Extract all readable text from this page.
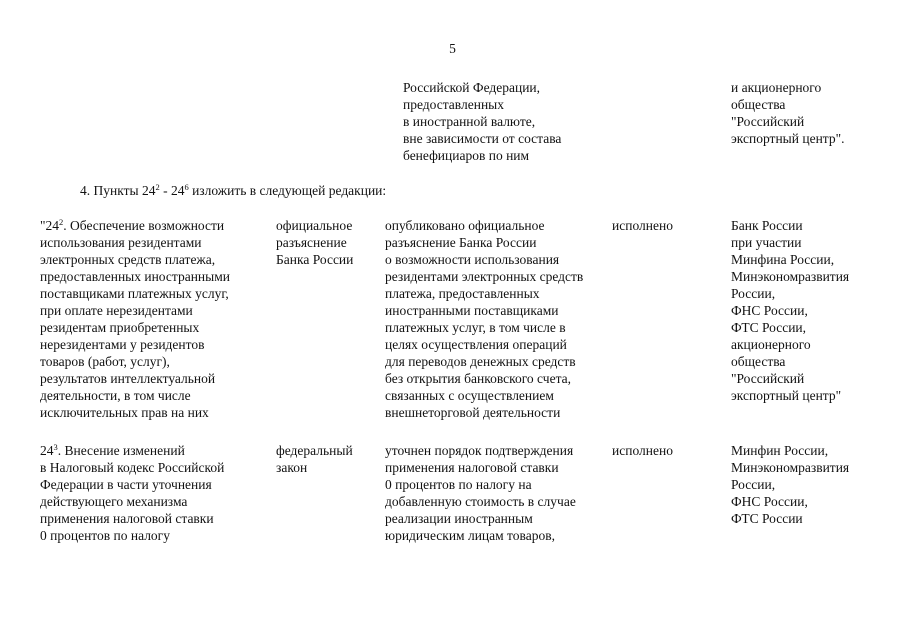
5
Российской Федерации,
предоставленных
в иностранной валюте,
вне зависимости от состава
бенефициаров по ним
и акционерного
общества
"Российский
экспортный центр".
4. Пункты $24^2 - 24^6$ изложить в следующей редакции:
"$24^2$. Обеспечение возможности
использования резидентами
электронных средств платежа,
предоставленных иностранными
поставщиками платежных услуг,
при оплате нерезидентами
резидентам приобретенных
нерезидентами у резидентов
товаров (работ, услуг),
результатов интеллектуальной
деятельности, в том числе
исключительных прав на них
официальное
разъяснение
Банка России
опубликовано официальное
разъяснение Банка России
о возможности использования
резидентами электронных средств
платежа, предоставленных
иностранными поставщиками
платежных услуг, в том числе в
целях осуществления операций
для переводов денежных средств
без открытия банковского счета,
связанных с осуществлением
внешнеторговой деятельности
исполнено	Банк России
при участии
Минфина России,
Минэкономразвития
России,
ФНС России,
ФТС России,
акционерного
общества
"Российский
экспортный центр"
$24^3$. Внесение изменений
в Налоговый кодекс Российской
Федерации в части уточнения
действующего механизма
применения налоговой ставки
0 процентов по налогу
федеральный
закон
уточнен порядок подтверждения
применения налоговой ставки
0 процентов по налогу на
добавленную стоимость в случае
реализации иностранным
юридическим лицам товаров,
исполнено	Минфин России,
Минэкономразвития
России,
ФНС России,
ФТС России
